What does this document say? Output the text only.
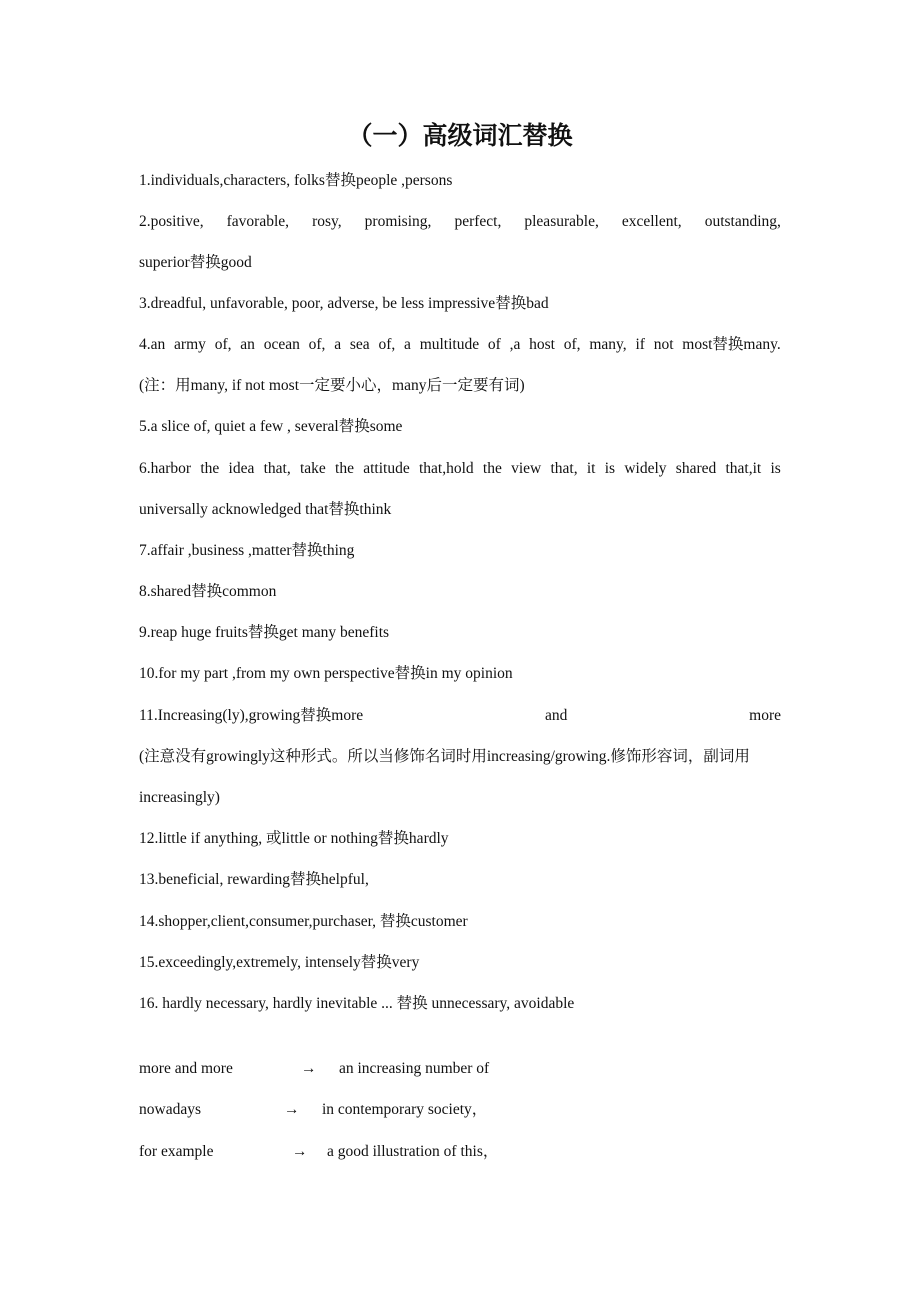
（一）高级词汇替换
1.individuals,characters, folks替换people ,persons
2.positive, favorable, rosy, promising, perfect, pleasurable, excellent, outstanding,
superior替换good
3.dreadful, unfavorable, poor, adverse, be less impressive替换bad
4.an army of, an ocean of, a sea of, a multitude of ,a host of, many, if not most替换many.
(注：用many, if not most一定要小心，many后一定要有词)
5.a slice of, quiet a few , several替换some
6.harbor the idea that, take the attitude that,hold the view that, it is widely shared that,it is
universally acknowledged that替换think
7.affair ,business ,matter替换thing
8.shared替换common
9.reap huge fruits替换get many benefits
10.for my part ,from my own perspective替换in my opinion
11.Increasing(ly),growing替换more	and	more
(注意没有growingly这种形式。所以当修饰名词时用increasing/growing.修饰形容词，副词用
increasingly)
12.little if anything, 或little or nothing替换hardly
13.beneficial, rewarding替换helpful,
14.shopper,client,consumer,purchaser, 替换customer
15.exceedingly,extremely, intensely替换very
16. hardly necessary, hardly inevitable ... 替换 unnecessary, avoidable
more and more	→ an increasing number of
nowadays	→ in contemporary society，
for example	→ a good illustration of this，
